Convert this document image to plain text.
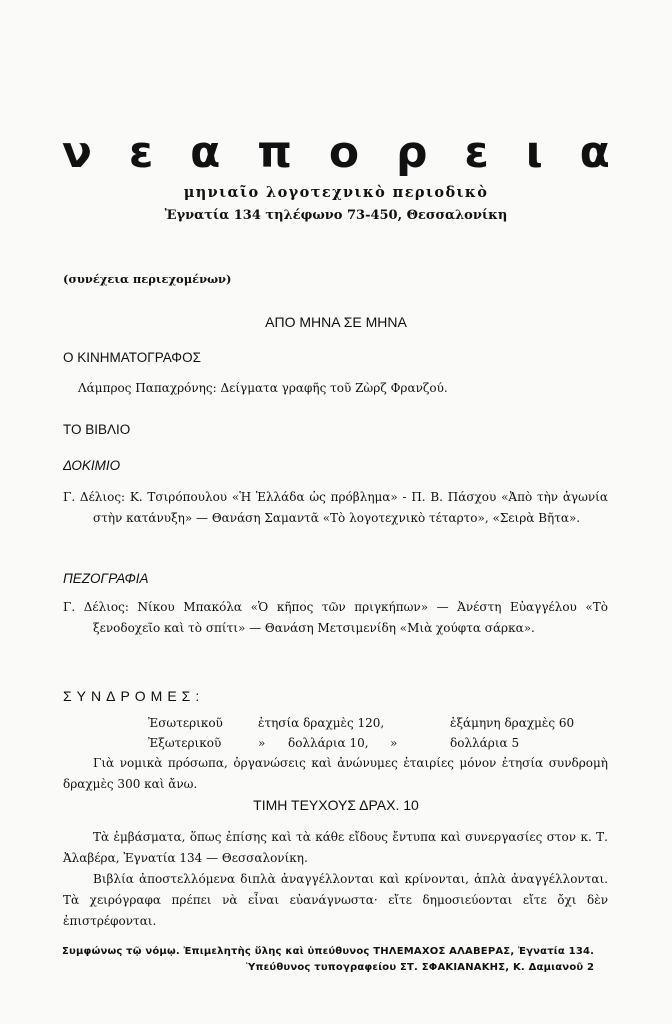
ν ε α π ο ρ ε ι α
μηνιαῖο λογοτεχνικὸ περιοδικὸ
Ἐγνατία 134 τηλέφωνο 73-450, Θεσσαλονίκη
(συνέχεια περιεχομένων)
ΑΠΟ ΜΗΝΑ ΣΕ ΜΗΝΑ
Ο ΚΙΝΗΜΑΤΟΓΡΑΦΟΣ
Λάμπρος Παπαχρόνης: Δείγματα γραφῆς τοῦ Ζὼρζ Φρανζού.
ΤΟ ΒΙΒΛΙΟ
ΔΟΚΙΜΙΟ
Γ. Δέλιος: Κ. Τσιρόπουλου «Ἡ Ἑλλάδα ὡς πρόβλημα» - Π. Β. Πάσχου «Ἀπὸ τὴν ἀγωνία στὴν κατάνυξη» — Θανάση Σαμαντᾶ «Τὸ λογοτεχνικὸ τέταρτο», «Σειρὰ Βῆτα».
ΠΕΖΟΓΡΑΦΙΑ
Γ. Δέλιος: Νίκου Μπακόλα «Ὁ κῆπος τῶν πριγκήπων» — Ἀνέστη Εὐαγγέλου «Τὸ ξενοδοχεῖο καὶ τὸ σπίτι» — Θανάση Μετσιμενίδη «Μιὰ χούφτα σάρκα».
ΣΥΝΔΡΟΜΕΣ:
Ἐσωτερικοῦ	ἐτησία δραχμὲς 120,	ἑξάμηνη δραχμὲς 60
Ἐξωτερικοῦ	»	δολλάρια 10,	»	δολλάρια 5
Γιὰ νομικὰ πρόσωπα, ὀργανώσεις καὶ ἀνώνυμες ἑταιρίες μόνον ἐτησία συνδρομὴ δραχμὲς 300 καὶ ἄνω.
ΤΙΜΗ ΤΕΥΧΟΥΣ ΔΡΑΧ. 10
Τὰ ἐμβάσματα, ὅπως ἐπίσης καὶ τὰ κάθε εἴδους ἔντυπα καὶ συνεργασίες στον κ. Τ. Ἀλαβέρα, Ἐγνατία 134 — Θεσσαλονίκη.
Βιβλία ἀποστελλόμενα διπλὰ ἀναγγέλλονται καὶ κρίνονται, ἁπλὰ ἀναγγέλλονται. Τὰ χειρόγραφα πρέπει νὰ εἶναι εὐανάγνωστα· εἴτε δημοσιεύονται εἴτε ὄχι δὲν ἐπιστρέφονται.
Συμφώνως τῷ νόμῳ. Ἐπιμελητὴς ὕλης καὶ ὑπεύθυνος ΤΗΛΕΜΑΧΟΣ ΑΛΑΒΕΡΑΣ, Ἐγνατία 134.
Ὑπεύθυνος τυπογραφείου ΣΤ. ΣΦΑΚΙΑΝΑΚΗΣ, Κ. Δαμιανοῦ 2
